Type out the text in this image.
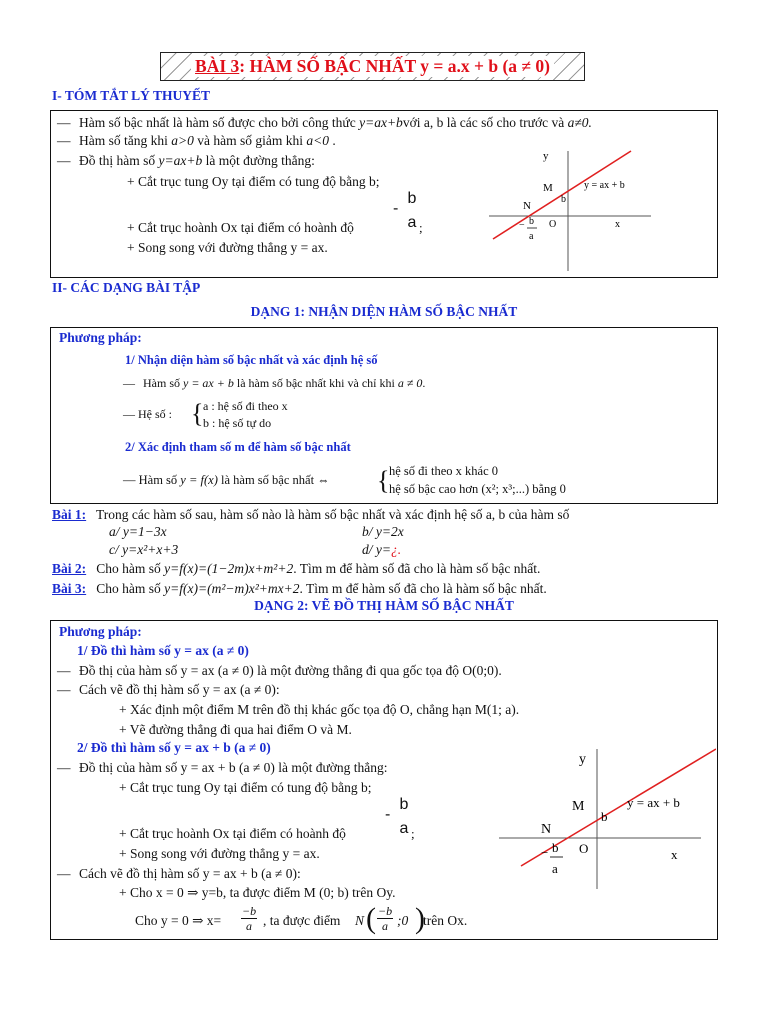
BÀI 3: HÀM SỐ BẬC NHẤT y = a.x + b (a ≠ 0)
I- TÓM TẮT LÝ THUYẾT
— Hàm số bậc nhất là hàm số được cho bởi công thức y=ax+bvới a, b là các số cho trước và a≠0.
— Hàm số tăng khi a>0 và hàm số giảm khi a<0 .
— Đồ thị hàm số y=ax+b là một đường thẳng:
+ Cắt trục tung Oy tại điểm có tung độ bằng b;
-
b
a ;
+ Cắt trục hoành Ox tại điểm có hoành độ
+ Song song với đường thẳng y = ax.
y
x
O
M
N
b
y = ax + b
− b
a
II- CÁC DẠNG BÀI TẬP
DẠNG 1: NHẬN DIỆN HÀM SỐ BẬC NHẤT
Phương pháp:
1/ Nhận diện hàm số bậc nhất và xác định hệ số
— Hàm số y = ax + b là hàm số bậc nhất khi và chỉ khi a ≠ 0.
— Hệ số : { a : hệ số đi theo x
b : hệ số tự do
2/ Xác định tham số m để hàm số bậc nhất
— Hàm số y = f(x) là hàm số bậc nhất ⇔ { hệ số đi theo x khác 0
hệ số bậc cao hơn (x²; x³;...) bằng 0
Bài 1: Trong các hàm số sau, hàm số nào là hàm số bậc nhất và xác định hệ số a, b của hàm số
a/ y=1−3x	b/ y=2x
c/ y=x²+x+3	d/ y=¿.
Bài 2: Cho hàm số y=f(x)=(1−2m)x+m²+2. Tìm m để hàm số đã cho là hàm số bậc nhất.
Bài 3: Cho hàm số y=f(x)=(m²−m)x²+mx+2. Tìm m để hàm số đã cho là hàm số bậc nhất.
DẠNG 2: VẼ ĐỒ THỊ HÀM SỐ BẬC NHẤT
Phương pháp:
1/ Đồ thì hàm số y = ax (a ≠ 0)
— Đồ thị của hàm số y = ax (a ≠ 0) là một đường thẳng đi qua gốc tọa độ O(0;0).
— Cách vẽ đồ thị hàm số y = ax (a ≠ 0):
+ Xác định một điểm M trên đồ thị khác gốc tọa độ O, chẳng hạn M(1; a).
+ Vẽ đường thẳng đi qua hai điểm O và M.
2/ Đồ thì hàm số y = ax + b (a ≠ 0)
— Đồ thị của hàm số y = ax + b (a ≠ 0) là một đường thẳng:
+ Cắt trục tung Oy tại điểm có tung độ bằng b;
-
b
a ;
+ Cắt trục hoành Ox tại điểm có hoành độ
+ Song song với đường thẳng y = ax.
— Cách vẽ đồ thị hàm số y = ax + b (a ≠ 0):
+ Cho x = 0 ⇒ y=b, ta được điểm M (0; b) trên Oy.
Cho y = 0 ⇒ $x= \frac{-b}{a}$ , ta được điểm N ( $\frac{-b}{a}$ ;0 )
trên Ox.
y
x
O
M
N
b
y = ax + b
− b
a
